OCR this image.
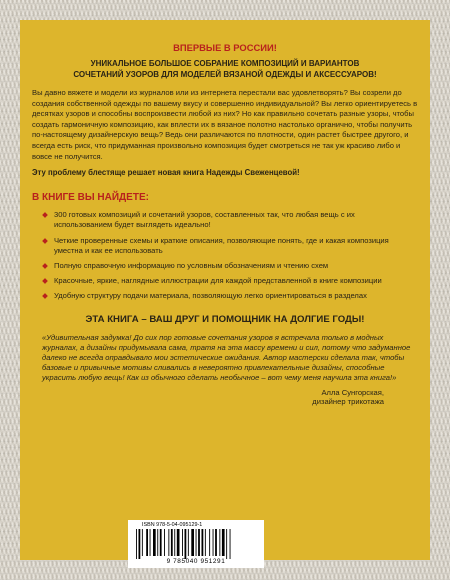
ВПЕРВЫЕ В РОССИИ!

УНИКАЛЬНОЕ БОЛЬШОЕ СОБРАНИЕ КОМПОЗИЦИЙ И ВАРИАНТОВ
СОЧЕТАНИЙ УЗОРОВ ДЛЯ МОДЕЛЕЙ ВЯЗАНОЙ ОДЕЖДЫ И АКСЕССУАРОВ!

Вы давно вяжете и модели из журналов или из интернета перестали вас удовлетворять? Вы созрели до создания собственной одежды по вашему вкусу и совершенно индивидуальной? Вы легко ориентируетесь в десятках узоров и способны воспроизвести любой из них? Но как правильно сочетать разные узоры, чтобы создать гармоничную композицию, как вплести их в вязаное полотно настолько органично, чтобы получить по-настоящему дизайнерскую вещь? Ведь они различаются по плотности, один растет быстрее другого, и всегда есть риск, что придуманная произвольно композиция будет смотреться не так уж красиво либо и вовсе не получится.

Эту проблему блестяще решает новая книга Надежды Свеженцевой!

В КНИГЕ ВЫ НАЙДЕТЕ:

300 готовых композиций и сочетаний узоров, составленных так, что любая вещь с их использованием будет выглядеть идеально!
Четкие проверенные схемы и краткие описания, позволяющие понять, где и какая композиция уместна и как ее использовать
Полную справочную информацию по условным обозначениям и чтению схем
Красочные, яркие, наглядные иллюстрации для каждой представленной в книге композиции
Удобную структуру подачи материала, позволяющую легко ориентироваться в разделах

ЭТА КНИГА – ВАШ ДРУГ И ПОМОЩНИК НА ДОЛГИЕ ГОДЫ!

«Удивительная задумка! До сих пор готовые сочетания узоров я встречала только в модных журналах, а дизайны придумывала сама, тратя на эта массу времени и сил, потому что задуманное далеко не всегда оправдывало мои эстетические ожидания. Автор мастерски сделала так, чтобы базовые и привычные мотивы сливались в невероятно привлекательные дизайны, способные украсить любую вещь! Как из обычного сделать необычное – вот чему меня научила эта книга!»

Алла Сунгорская,
дизайнер трикотажа
ISBN 978-5-04-095129-1
9 785040 951291
